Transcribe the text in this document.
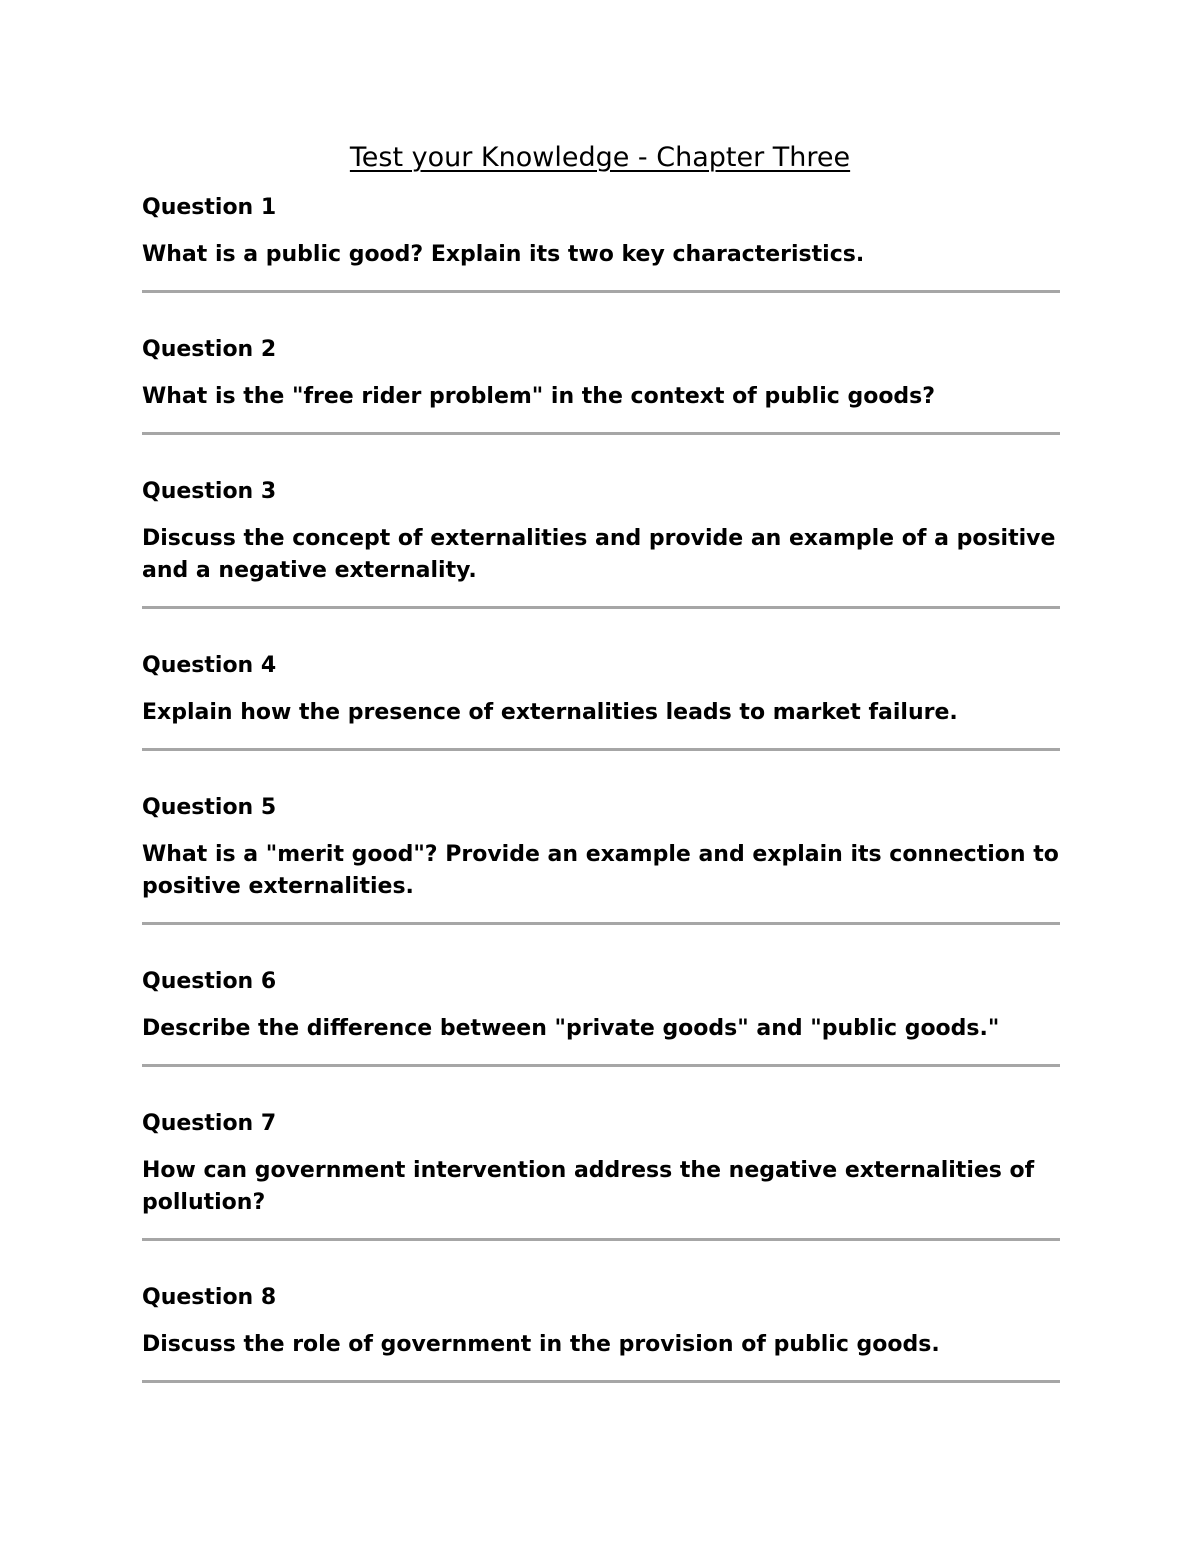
Test your Knowledge - Chapter Three

Question 1

What is a public good? Explain its two key characteristics.

Question 2

What is the "free rider problem" in the context of public goods?

Question 3

Discuss the concept of externalities and provide an example of a positive and a negative externality.

Question 4

Explain how the presence of externalities leads to market failure.

Question 5

What is a "merit good"? Provide an example and explain its connection to positive externalities.

Question 6

Describe the difference between "private goods" and "public goods."

Question 7

How can government intervention address the negative externalities of pollution?

Question 8

Discuss the role of government in the provision of public goods.
